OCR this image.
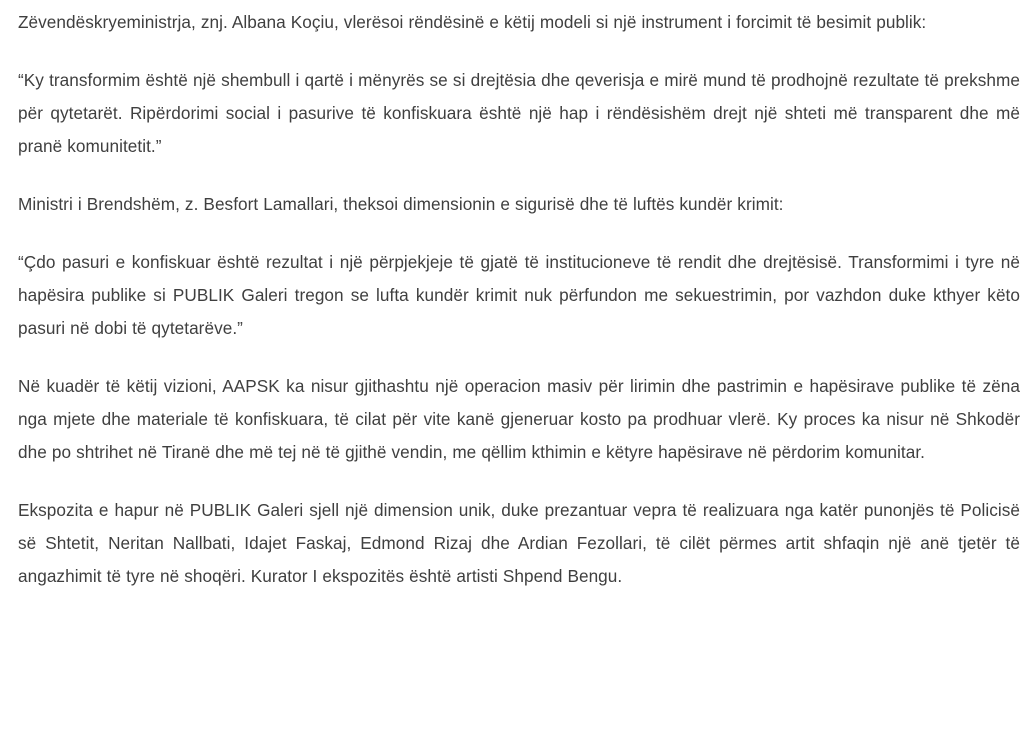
Zëvendëskryeministrja, znj. Albana Koçiu, vlerësoi rëndësinë e këtij modeli si një instrument i forcimit të besimit publik:

“Ky transformim është një shembull i qartë i mënyrës se si drejtësia dhe qeverisja e mirë mund të prodhojnë rezultate të prekshme për qytetarët. Ripërdorimi social i pasurive të konfiskuara është një hap i rëndësishëm drejt një shteti më transparent dhe më pranë komunitetit.”

Ministri i Brendshëm, z. Besfort Lamallari, theksoi dimensionin e sigurisë dhe të luftës kundër krimit:

“Çdo pasuri e konfiskuar është rezultat i një përpjekjeje të gjatë të institucioneve të rendit dhe drejtësisë. Transformimi i tyre në hapësira publike si PUBLIK Galeri tregon se lufta kundër krimit nuk përfundon me sekuestrimin, por vazhdon duke kthyer këto pasuri në dobi të qytetarëve.”

Në kuadër të këtij vizioni, AAPSK ka nisur gjithashtu një operacion masiv për lirimin dhe pastrimin e hapësirave publike të zëna nga mjete dhe materiale të konfiskuara, të cilat për vite kanë gjeneruar kosto pa prodhuar vlerë. Ky proces ka nisur në Shkodër dhe po shtrihet në Tiranë dhe më tej në të gjithë vendin, me qëllim kthimin e këtyre hapësirave në përdorim komunitar.

Ekspozita e hapur në PUBLIK Galeri sjell një dimension unik, duke prezantuar vepra të realizuara nga katër punonjës të Policisë së Shtetit, Neritan Nallbati, Idajet Faskaj, Edmond Rizaj dhe Ardian Fezollari, të cilët përmes artit shfaqin një anë tjetër të angazhimit të tyre në shoqëri. Kurator I ekspozitës është artisti Shpend Bengu.
